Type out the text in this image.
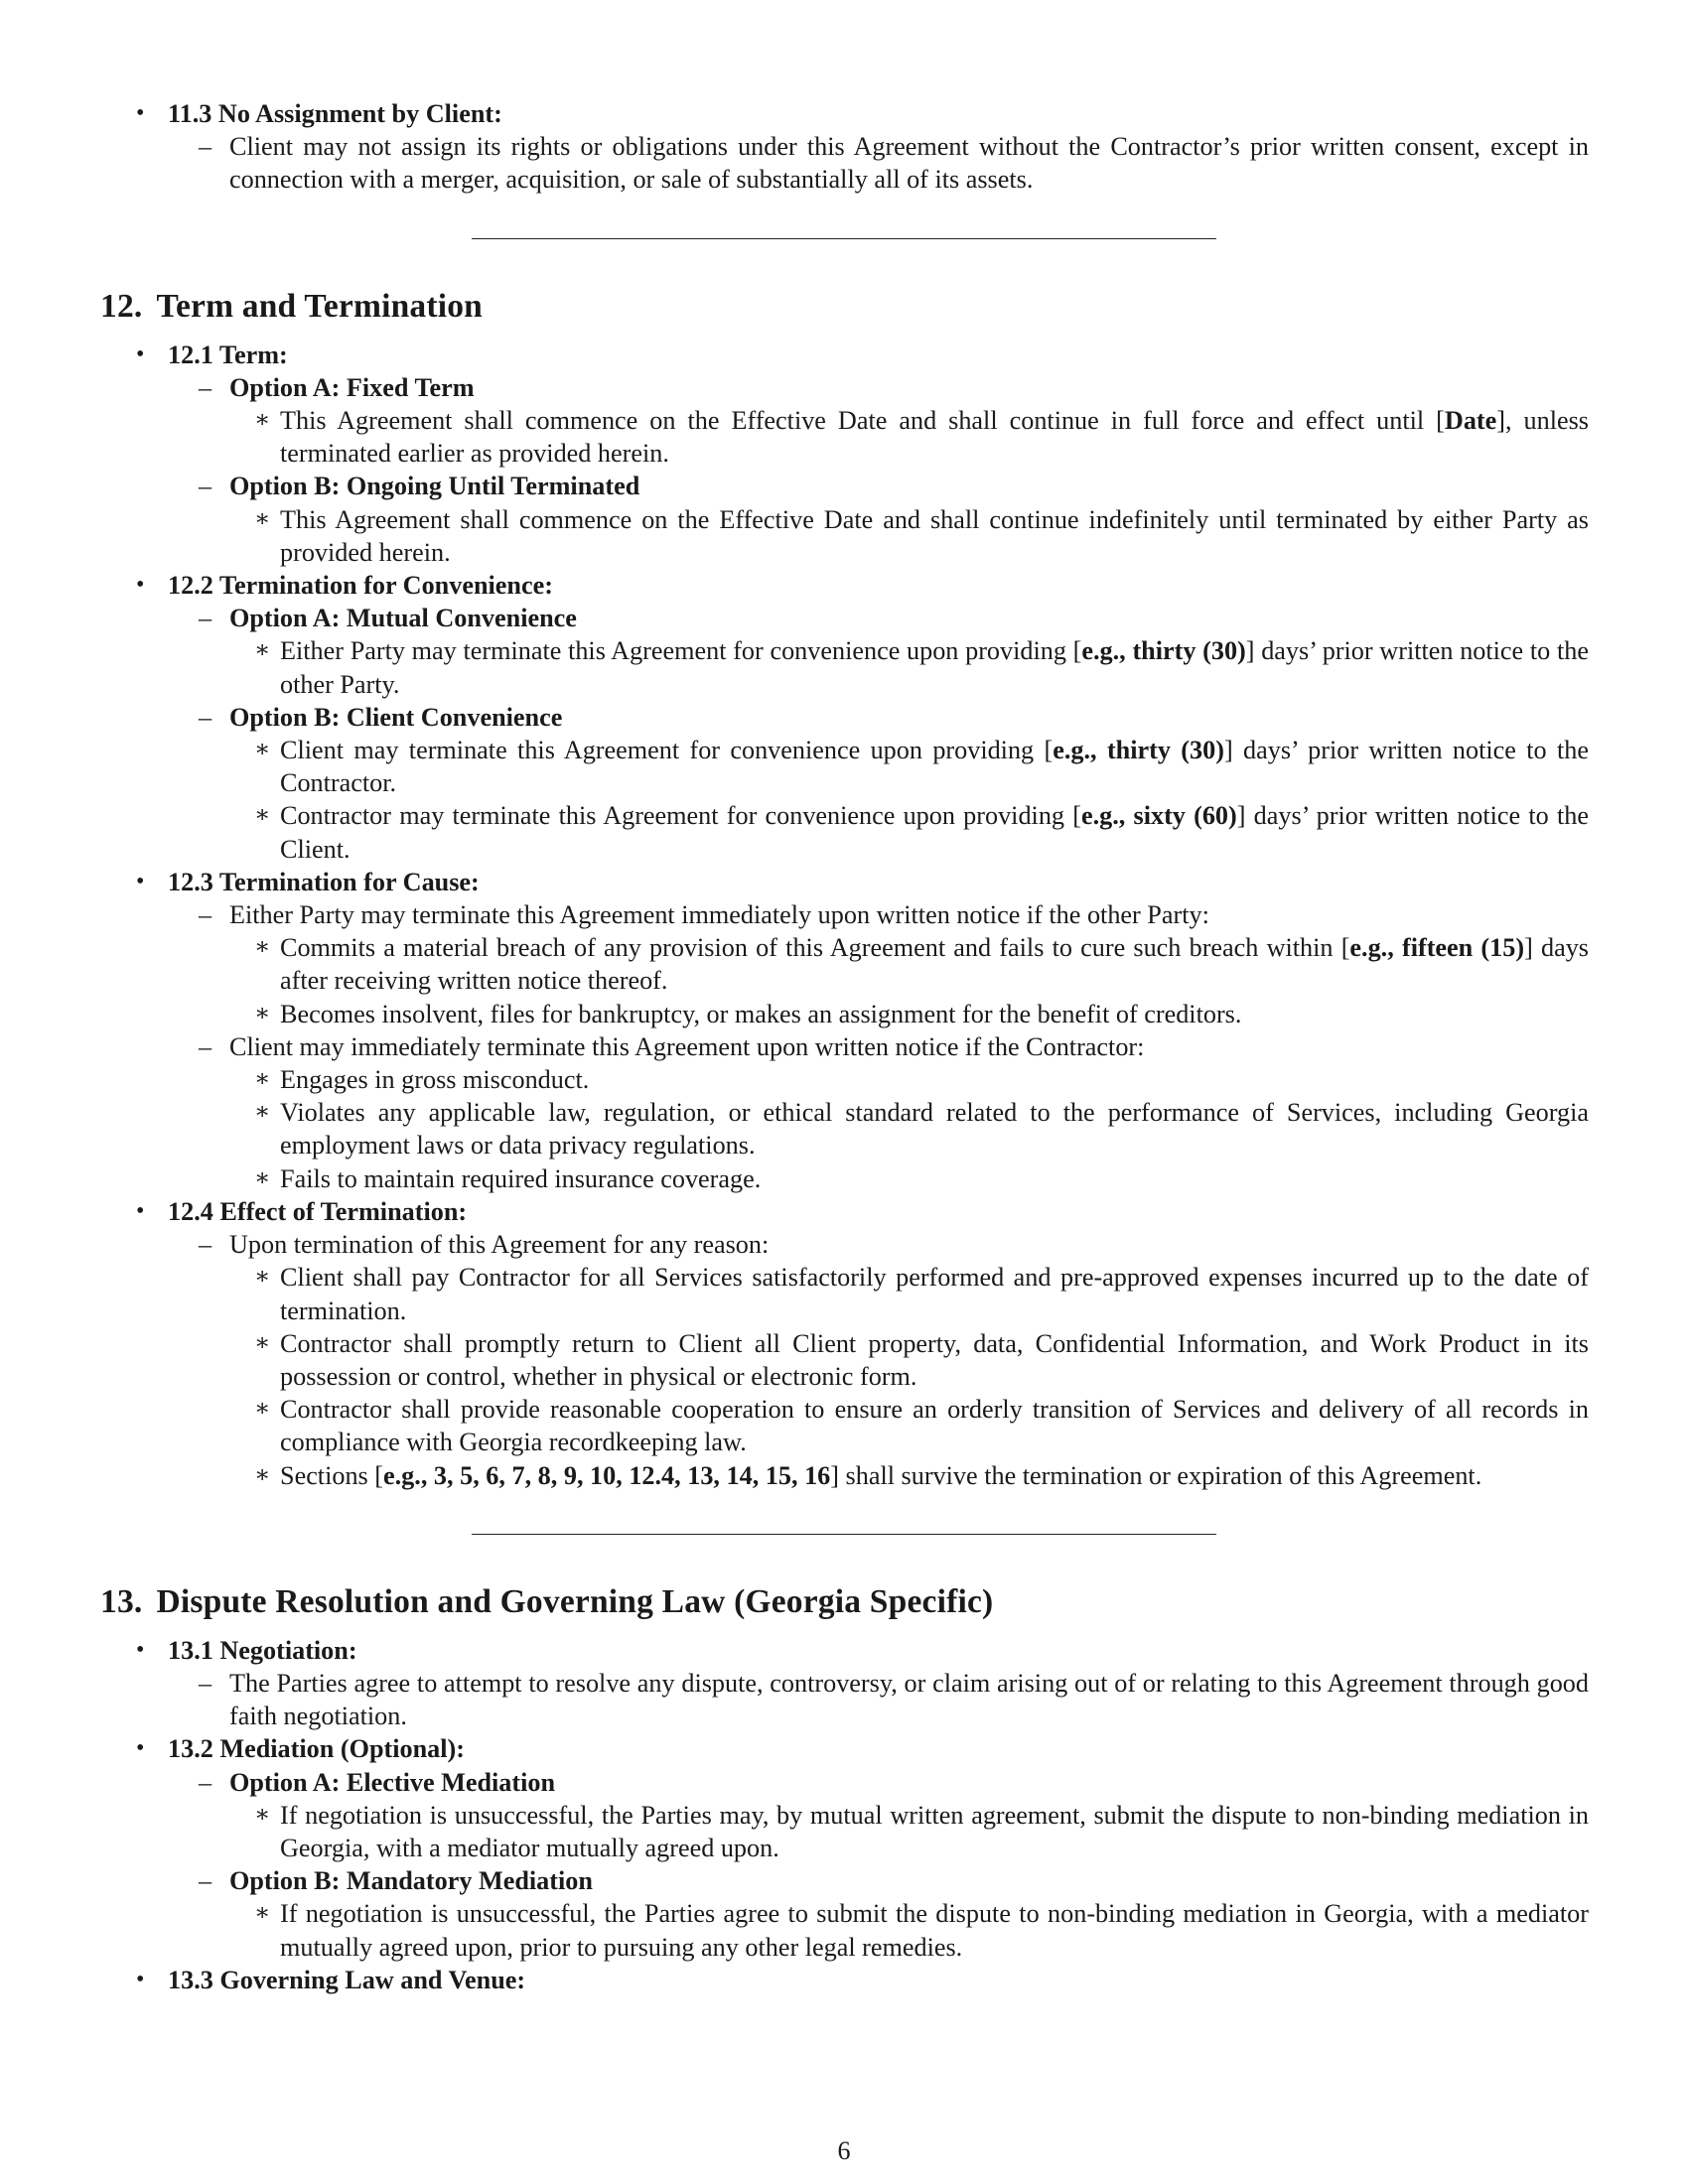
• 11.3 No Assignment by Client:
– Client may not assign its rights or obligations under this Agreement without the Contractor’s prior written consent, except in connection with a merger, acquisition, or sale of substantially all of its assets.
12. Term and Termination
• 12.1 Term:
– Option A: Fixed Term
∗ This Agreement shall commence on the Effective Date and shall continue in full force and effect until [Date], unless terminated earlier as provided herein.
– Option B: Ongoing Until Terminated
∗ This Agreement shall commence on the Effective Date and shall continue indefinitely until terminated by either Party as provided herein.
• 12.2 Termination for Convenience:
– Option A: Mutual Convenience
∗ Either Party may terminate this Agreement for convenience upon providing [e.g., thirty (30)] days’ prior written notice to the other Party.
– Option B: Client Convenience
∗ Client may terminate this Agreement for convenience upon providing [e.g., thirty (30)] days’ prior written notice to the Contractor.
∗ Contractor may terminate this Agreement for convenience upon providing [e.g., sixty (60)] days’ prior written notice to the Client.
• 12.3 Termination for Cause:
– Either Party may terminate this Agreement immediately upon written notice if the other Party:
∗ Commits a material breach of any provision of this Agreement and fails to cure such breach within [e.g., fifteen (15)] days after receiving written notice thereof.
∗ Becomes insolvent, files for bankruptcy, or makes an assignment for the benefit of creditors.
– Client may immediately terminate this Agreement upon written notice if the Contractor:
∗ Engages in gross misconduct.
∗ Violates any applicable law, regulation, or ethical standard related to the performance of Services, including Georgia employment laws or data privacy regulations.
∗ Fails to maintain required insurance coverage.
• 12.4 Effect of Termination:
– Upon termination of this Agreement for any reason:
∗ Client shall pay Contractor for all Services satisfactorily performed and pre-approved expenses incurred up to the date of termination.
∗ Contractor shall promptly return to Client all Client property, data, Confidential Information, and Work Product in its possession or control, whether in physical or electronic form.
∗ Contractor shall provide reasonable cooperation to ensure an orderly transition of Services and delivery of all records in compliance with Georgia recordkeeping law.
∗ Sections [e.g., 3, 5, 6, 7, 8, 9, 10, 12.4, 13, 14, 15, 16] shall survive the termination or expiration of this Agreement.
13. Dispute Resolution and Governing Law (Georgia Specific)
• 13.1 Negotiation:
– The Parties agree to attempt to resolve any dispute, controversy, or claim arising out of or relating to this Agreement through good faith negotiation.
• 13.2 Mediation (Optional):
– Option A: Elective Mediation
∗ If negotiation is unsuccessful, the Parties may, by mutual written agreement, submit the dispute to non-binding mediation in Georgia, with a mediator mutually agreed upon.
– Option B: Mandatory Mediation
∗ If negotiation is unsuccessful, the Parties agree to submit the dispute to non-binding mediation in Georgia, with a mediator mutually agreed upon, prior to pursuing any other legal remedies.
• 13.3 Governing Law and Venue:
6
